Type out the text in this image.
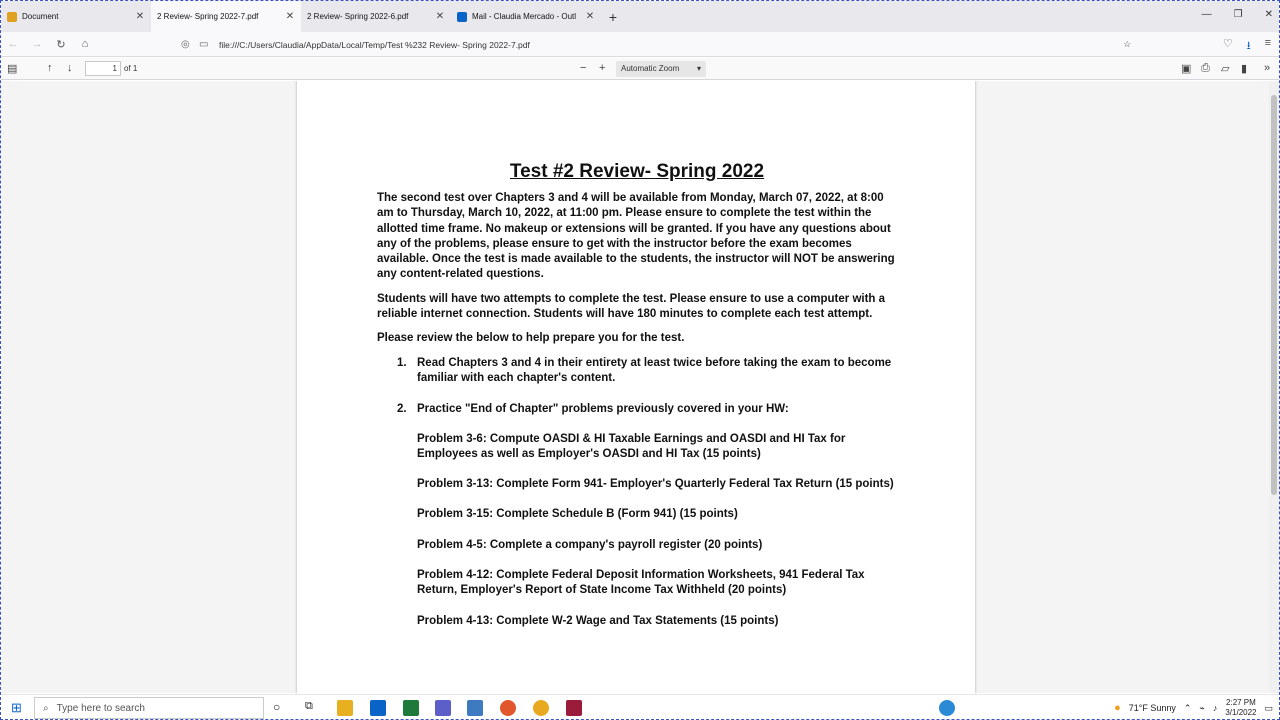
Document	✕ 2 Review- Spring 2022-7.pdf	✕ 2 Review- Spring 2022-6.pdf	✕	Mail - Claudia Mercado - Outl ✕	+	— ❐ ✕
←	→	↻	⌂	◎ ▭	file:///C:/Users/Claudia/AppData/Local/Temp/Test %232 Review- Spring 2022-7.pdf	☆	♡ ⭳ ≡
▤	↑ ↓	1 of 1	− +	Automatic Zoom ▾	▣ ⎙ ▱ ▮ »
Test #2 Review- Spring 2022

The second test over Chapters 3 and 4 will be available from Monday, March 07, 2022, at 8:00 am to Thursday, March 10, 2022, at 11:00 pm. Please ensure to complete the test within the allotted time frame. No makeup or extensions will be granted. If you have any questions about any of the problems, please ensure to get with the instructor before the exam becomes available. Once the test is made available to the students, the instructor will NOT be answering any content-related questions.

Students will have two attempts to complete the test. Please ensure to use a computer with a reliable internet connection. Students will have 180 minutes to complete each test attempt.

Please review the below to help prepare you for the test.

1. Read Chapters 3 and 4 in their entirety at least twice before taking the exam to become familiar with each chapter's content.
2. Practice "End of Chapter" problems previously covered in your HW:
Problem 3-6: Compute OASDI & HI Taxable Earnings and OASDI and HI Tax for Employees as well as Employer's OASDI and HI Tax (15 points)
Problem 3-13: Complete Form 941- Employer's Quarterly Federal Tax Return (15 points)
Problem 3-15: Complete Schedule B (Form 941) (15 points)
Problem 4-5: Complete a company's payroll register (20 points)
Problem 4-12: Complete Federal Deposit Information Worksheets, 941 Federal Tax Return, Employer's Report of State Income Tax Withheld (20 points)
Problem 4-13: Complete W-2 Wage and Tax Statements (15 points)
⊞ ⌕ Type here to search	○ ⧉	● 71°F Sunny ⌃ ⌁ ♪
2:27 PM
3/1/2022 ▭
